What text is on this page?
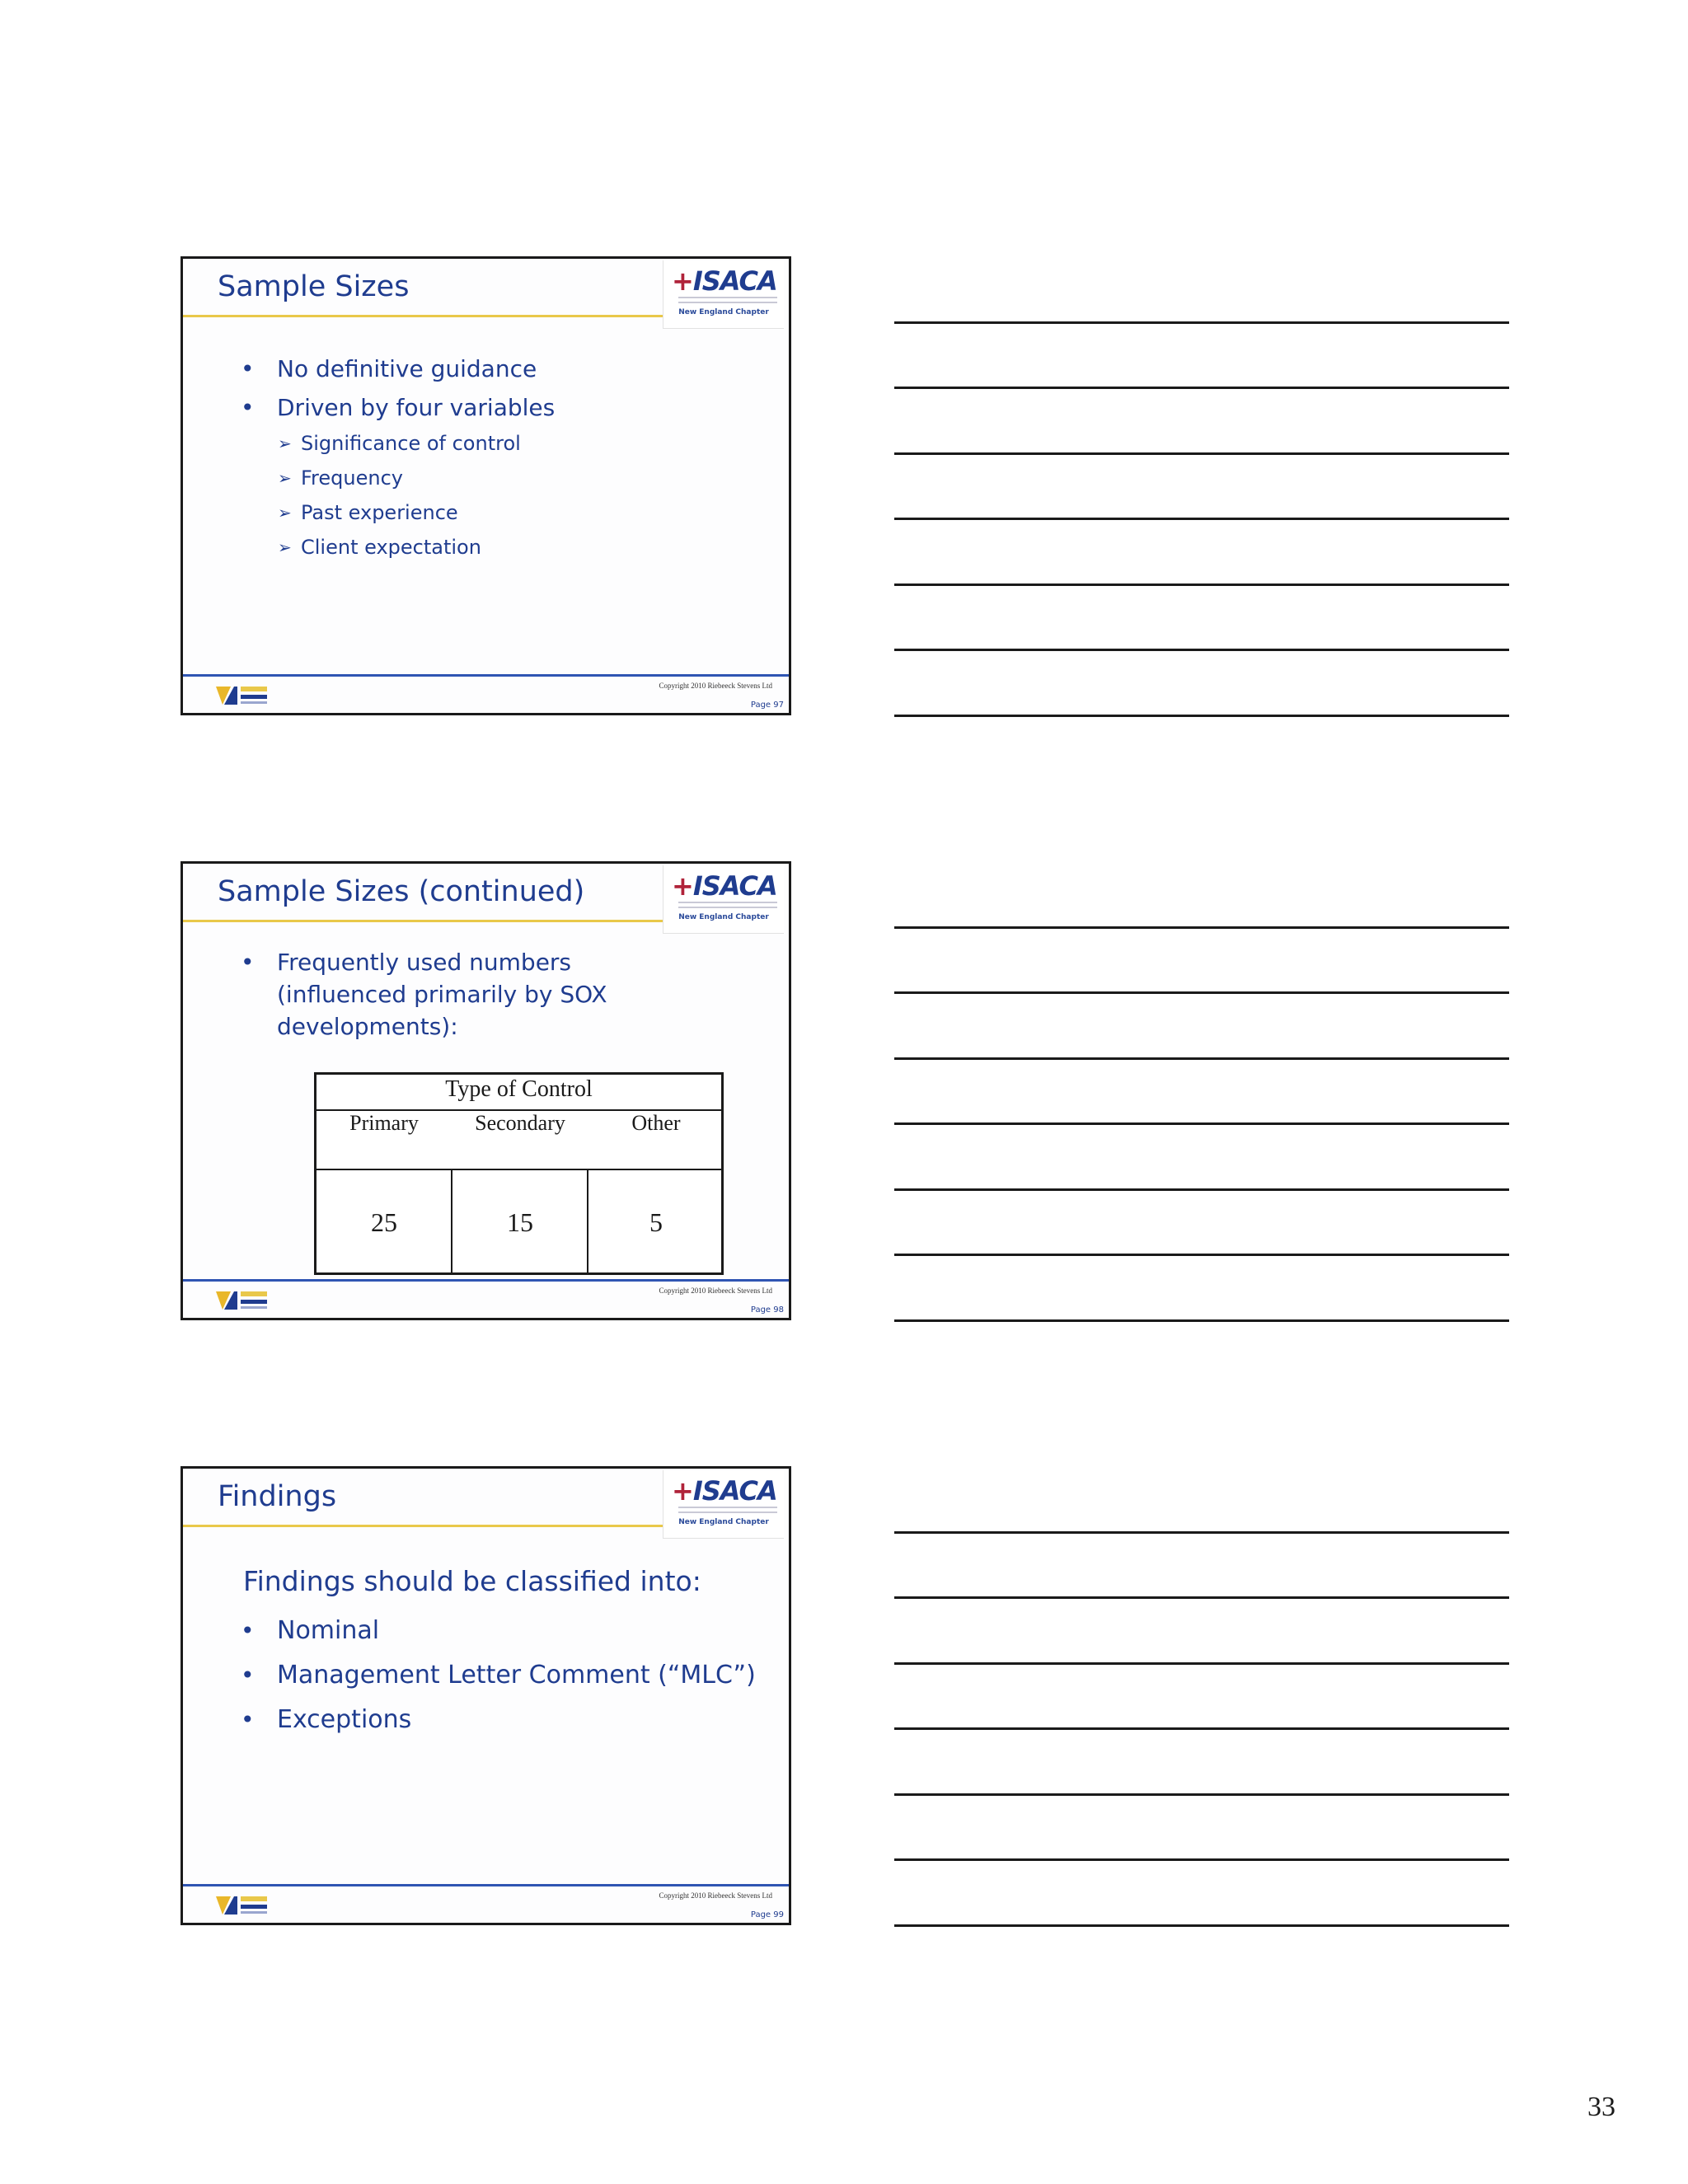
Sample Sizes	+ISACA
New England Chapter
• No definitive guidance
• Driven by four variables
➢ Significance of control
➢ Frequency
➢ Past experience
➢ Client expectation
Copyright 2010 Riebeeck Stevens Ltd
Page 97
Sample Sizes (continued)	+ISACA
New England Chapter
• Frequently used numbers (influenced primarily by SOX developments):
Type of Control
Primary	Secondary	Other
25	15	5
Copyright 2010 Riebeeck Stevens Ltd
Page 98
Findings	+ISACA
New England Chapter
Findings should be classified into:
• Nominal
• Management Letter Comment (“MLC”)
• Exceptions
Copyright 2010 Riebeeck Stevens Ltd
Page 99
33
